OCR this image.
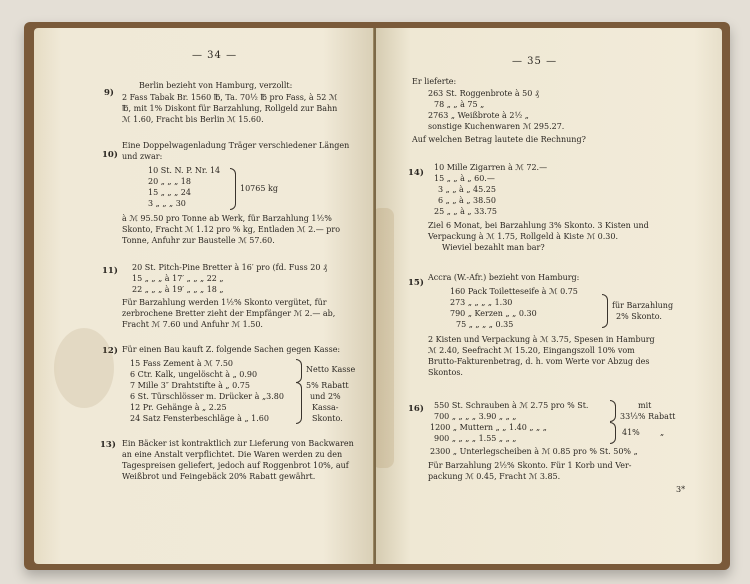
— 34 —
9)
Berlin bezieht von Hamburg, verzollt:
2 Fass Tabak Br. 1560 ℔, Ta. 70½ ℔ pro Fass, à 52 ℳ
℔, mit 1% Diskont für Barzahlung, Rollgeld zur Bahn
ℳ 1.60, Fracht bis Berlin ℳ 15.60.
10)
Eine Doppelwagenladung Träger verschiedener Längen
und zwar:
10 St. N. P. Nr. 14
20 „ „ „ 18
15 „ „ „ 24
3 „ „ „ 30
10765 kg
à ℳ 95.50 pro Tonne ab Werk, für Barzahlung 1½%
Skonto, Fracht ℳ 1.12 pro % kg, Entladen ℳ 2.— pro
Tonne, Anfuhr zur Baustelle ℳ 57.60.
11) 20 St. Pitch-Pine Bretter à 16′ pro (fd. Fuss 20 ₰
15 „ „ „ à 17′ „ „ „ 22 „
22 „ „ „ à 19′ „ „ „ 18 „
Für Barzahlung werden 1½% Skonto vergütet, für
zerbrochene Bretter zieht der Empfänger ℳ 2.— ab,
Fracht ℳ 7.60 und Anfuhr ℳ 1.50.
12) Für einen Bau kauft Z. folgende Sachen gegen Kasse:
15 Fass Zement à ℳ 7.50
6 Ctr. Kalk, ungelöscht à „ 0.90
7 Mille 3″ Drahtstifte à „ 0.75
6 St. Türschlösser m. Drücker à „3.80
12 Pr. Gehänge à „ 2.25
24 Satz Fensterbeschläge à „ 1.60
Netto Kasse
5% Rabatt
und 2%
Kassa-
Skonto.
13) Ein Bäcker ist kontraktlich zur Lieferung von Backwaren
an eine Anstalt verpflichtet. Die Waren werden zu den
Tagespreisen geliefert, jedoch auf Roggenbrot 10%, auf
Weißbrot und Feingebäck 20% Rabatt gewährt.
— 35 —
Er lieferte:
263 St. Roggenbrote à 50 ₰
78 „ „ à 75 „
2763 „ Weißbrote à 2½ „
sonstige Kuchenwaren ℳ 295.27.
Auf welchen Betrag lautete die Rechnung?
14)
10 Mille Zigarren à ℳ 72.—
15 „ „ à „ 60.—
3 „ „ à „ 45.25
6 „ „ à „ 38.50
25 „ „ à „ 33.75
Ziel 6 Monat, bei Barzahlung 3% Skonto. 3 Kisten und
Verpackung à ℳ 1.75, Rollgeld à Kiste ℳ 0.30.
Wieviel bezahlt man bar?
15)
Accra (W.-Afr.) bezieht von Hamburg:
160 Pack Toiletteseife à ℳ 0.75
273 „ „ „ „ 1.30
790 „ Kerzen „ „ 0.30
75 „ „ „ „ 0.35
für Barzahlung
2% Skonto.
2 Kisten und Verpackung à ℳ 3.75, Spesen in Hamburg
ℳ 2.40, Seefracht ℳ 15.20, Eingangszoll 10% vom
Brutto-Fakturenbetrag, d. h. vom Werte vor Abzug des
Skontos.
16) 550 St. Schrauben à ℳ 2.75 pro % St.
700 „ „ „ „ 3.90 „ „ „
1200 „ Muttern „ „ 1.40 „ „ „
900 „ „ „ „ 1.55 „ „ „
2300 „ Unterlegscheiben à ℳ 0.85 pro % St. 50% „
mit
33⅓% Rabatt
41%	„
Für Barzahlung 2½% Skonto. Für 1 Korb und Ver-
packung ℳ 0.45, Fracht ℳ 3.85.
3*
